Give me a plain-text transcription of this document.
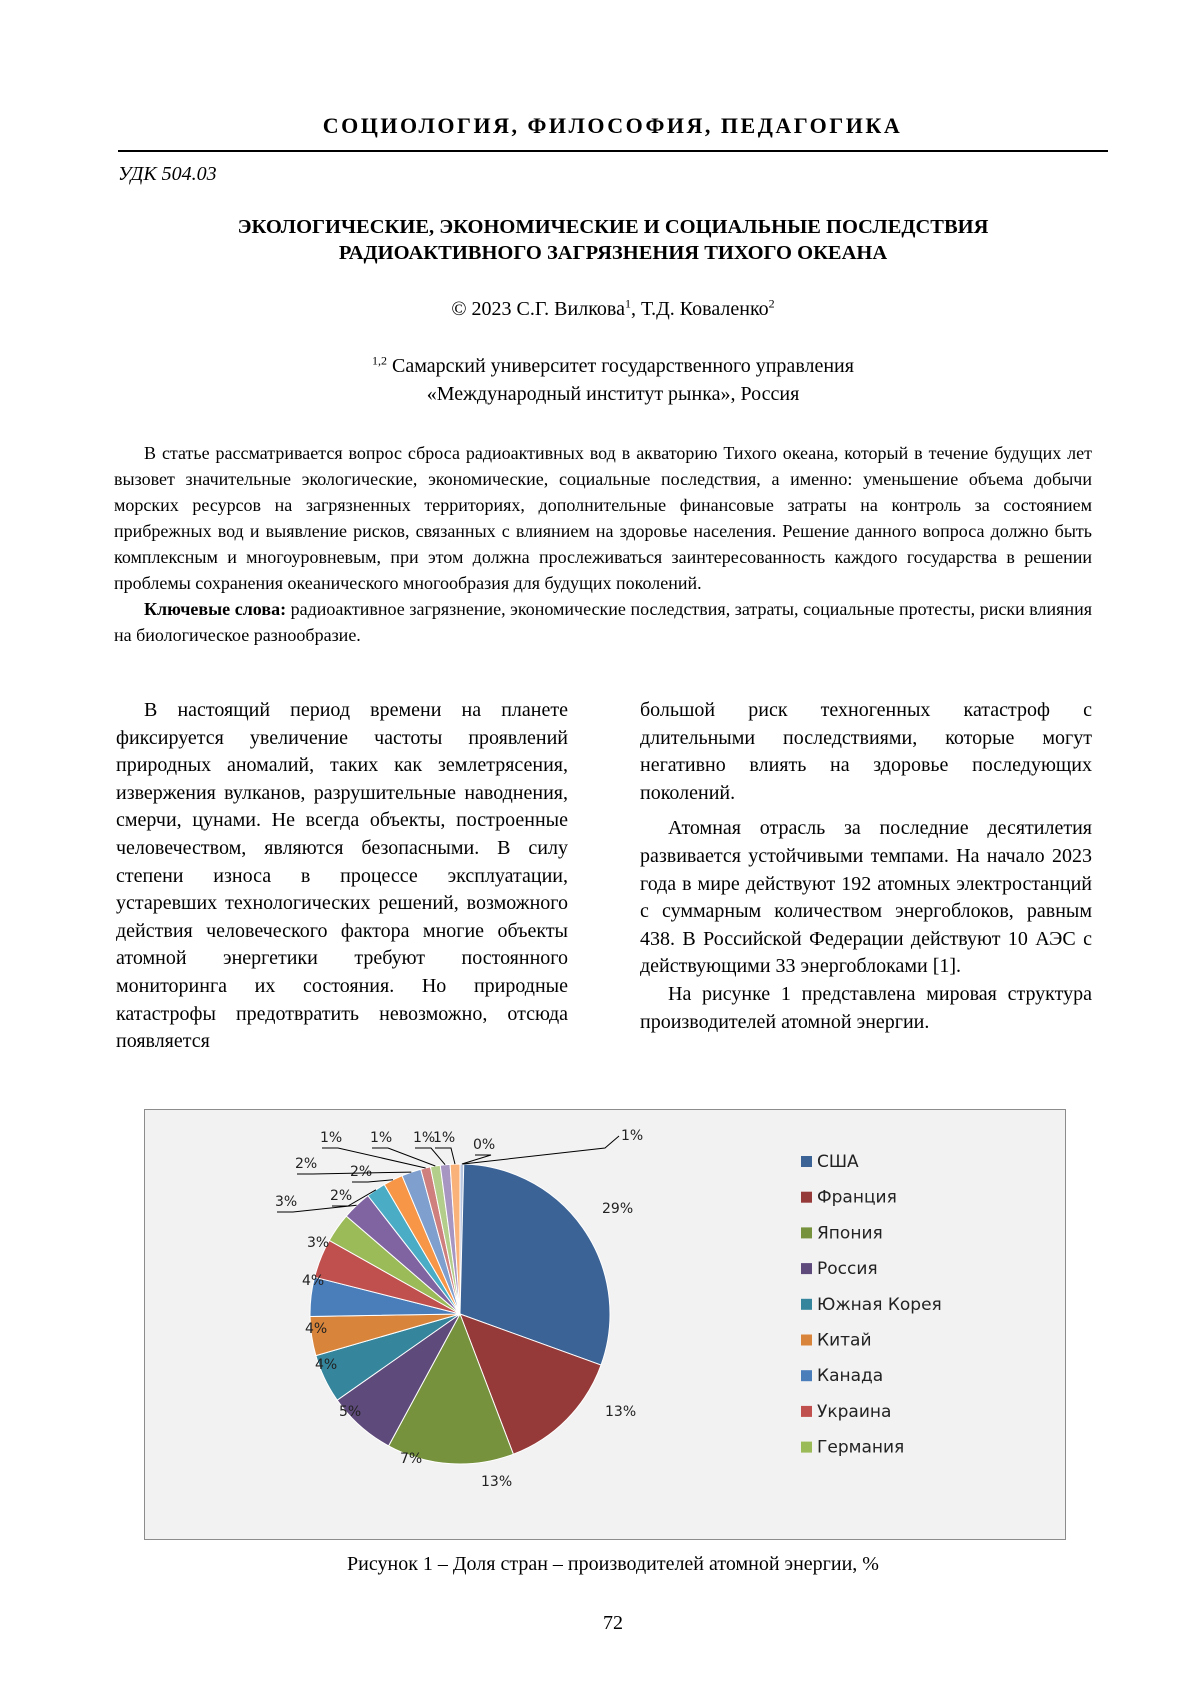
СОЦИОЛОГИЯ, ФИЛОСОФИЯ, ПЕДАГОГИКА
УДК 504.03
ЭКОЛОГИЧЕСКИЕ, ЭКОНОМИЧЕСКИЕ И СОЦИАЛЬНЫЕ ПОСЛЕДСТВИЯ
РАДИОАКТИВНОГО ЗАГРЯЗНЕНИЯ ТИХОГО ОКЕАНА
© 2023 С.Г. Вилкова$^1$, Т.Д. Коваленко$^2$
$^{1,2}$ Самарский университет государственного управления
«Международный институт рынка», Россия

В статье рассматривается вопрос сброса радиоактивных вод в акваторию Тихого океана, который в течение будущих лет вызовет значительные экологические, экономические, социальные последствия, а именно: уменьшение объема добычи морских ресурсов на загрязненных территориях, дополнительные финансовые затраты на контроль за состоянием прибрежных вод и выявление рисков, связанных с влиянием на здоровье населения. Решение данного вопроса должно быть комплексным и многоуровневым, при этом должна прослеживаться заинтересованность каждого государства в решении проблемы сохранения океанического многообразия для будущих поколений.

Ключевые слова: радиоактивное загрязнение, экономические последствия, затраты, социальные протесты, риски влияния на биологическое разнообразие.

В настоящий период времени на планете фиксируется увеличение частоты проявлений природных аномалий, таких как землетрясения, извержения вулканов, разрушительные наводнения, смерчи, цунами. Не всегда объекты, построенные человечеством, являются безопасными. В силу степени износа в процессе эксплуатации, устаревших технологических решений, возможного действия человеческого фактора многие объекты атомной энергетики требуют постоянного мониторинга их состояния. Но природные катастрофы предотвратить невозможно, отсюда появляется

большой риск техногенных катастроф с длительными последствиями, которые могут негативно влиять на здоровье последующих поколений.

Атомная отрасль за последние десятилетия развивается устойчивыми темпами. На начало 2023 года в мире действуют 192 атомных электростанций с суммарным количеством энергоблоков, равным 438. В Российской Федерации действуют 10 АЭС с действующими 33 энергоблоками [1].

На рисунке 1 представлена мировая структура производителей атомной энергии.

29%
13%
13%
7%
5%
4%
4%
4%
3%
3% 2%
2%
2%
1% 1% 1%
1% 0%
1%
США
Франция
Япония
Россия
Южная Корея
Китай
Канада
Украина
Германия
Рисунок 1 – Доля стран – производителей атомной энергии, %
72
